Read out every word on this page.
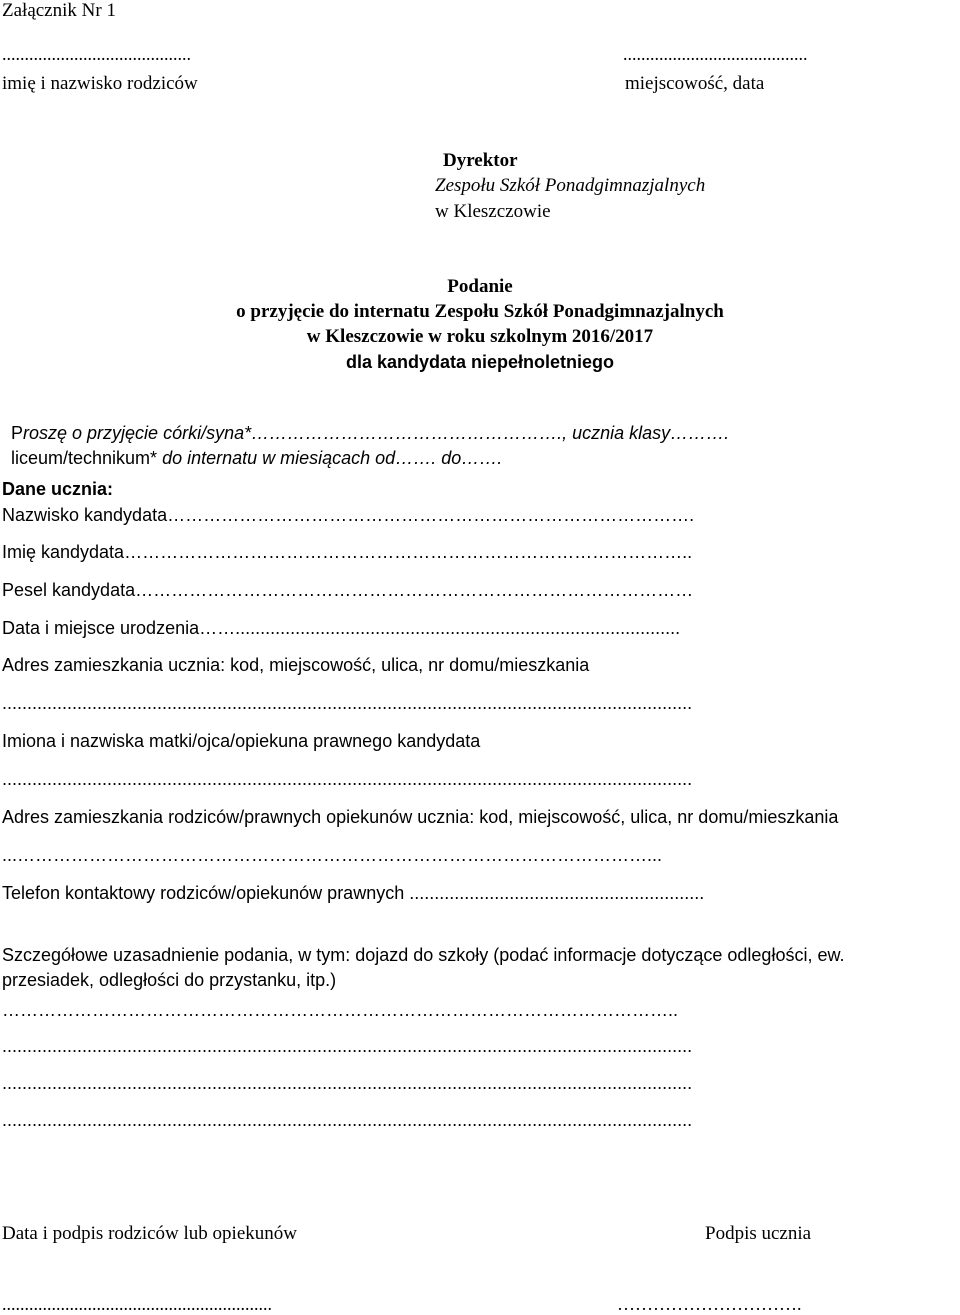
Załącznik Nr 1
..........................................	.........................................
imię i nazwisko rodziców	miejscowość, data
Dyrektor
Zespołu Szkół Ponadgimnazjalnych
w Kleszczowie
Podanie
o przyjęcie do internatu Zespołu Szkół Ponadgimnazjalnych
w Kleszczowie w roku szkolnym 2016/2017
dla kandydata niepełnoletniego

Proszę o przyjęcie córki/syna*……………………………………………., ucznia klasy……….

liceum/technikum* do internatu w miesiącach od……. do…….

Dane ucznia:
Nazwisko kandydata…………………………………………………………………………….
Imię kandydata…………………………………………………………………………………..
Pesel kandydata…………………………………………………………………………………
Data i miejsce urodzenia…….........................................................................................
Adres zamieszkania ucznia: kod, miejscowość, ulica, nr domu/mieszkania
..........................................................................................................................................
Imiona i nazwiska matki/ojca/opiekuna prawnego kandydata
..........................................................................................................................................
Adres zamieszkania rodziców/prawnych opiekunów ucznia: kod, miejscowość, ulica, nr domu/mieszkania
...……………………………………………………………………………………………...
Telefon kontaktowy rodziców/opiekunów prawnych ...........................................................
Szczegółowe uzasadnienie podania, w tym: dojazd do szkoły (podać informacje dotyczące odległości, ew.
przesiadek, odległości do przystanku, itp.)
…………………………………………………………………………………………………..
..........................................................................................................................................
..........................................................................................................................................
..........................................................................................................................................
Data i podpis rodziców lub opiekunów	Podpis ucznia
............................................................	………………………….
